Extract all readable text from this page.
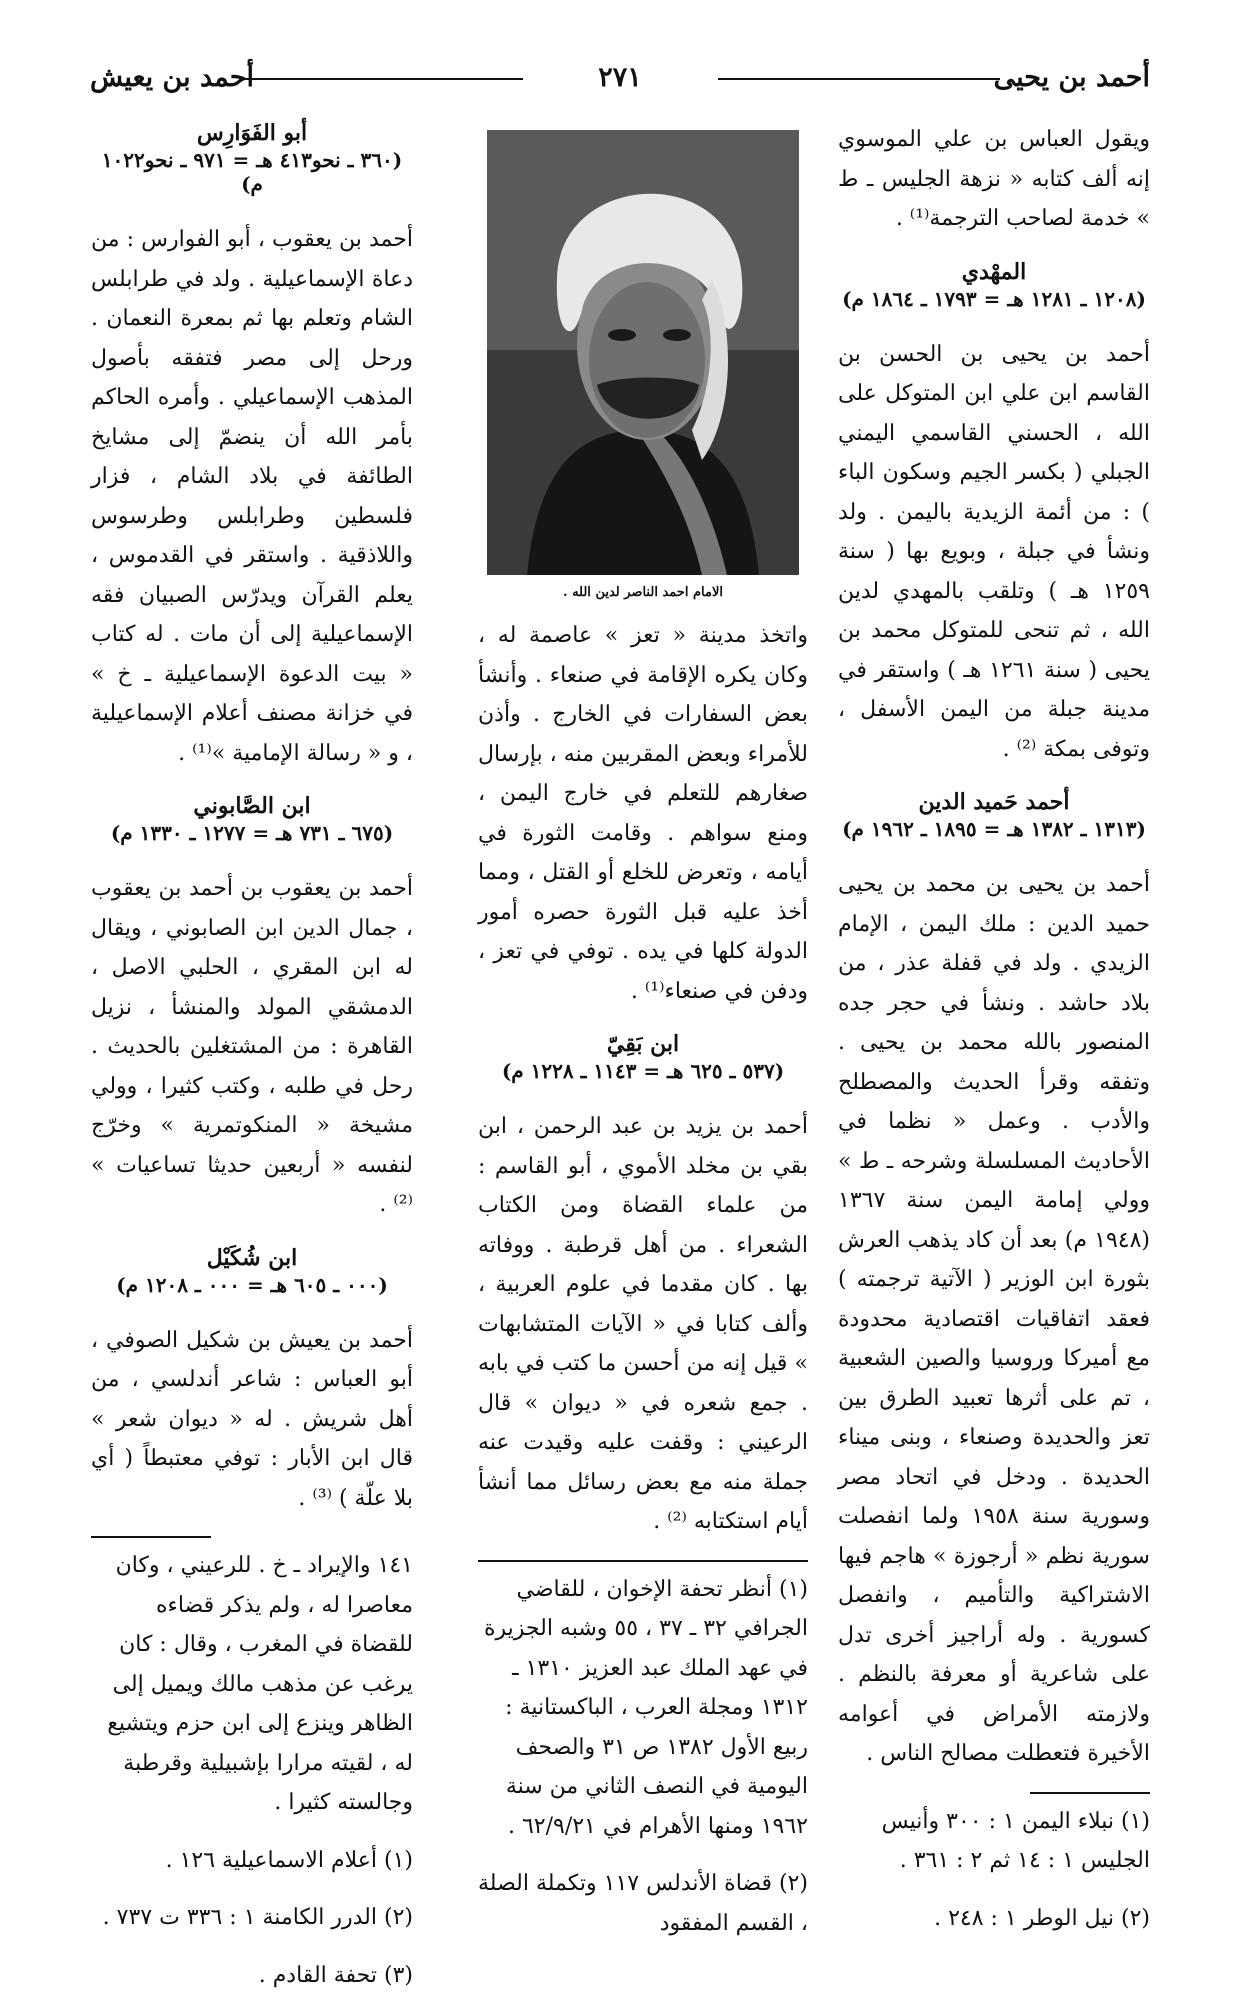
أحمد بن يحيى
٢٧١
أحمد بن يعيش

ويقول العباس بن علي الموسوي إنه ألف كتابه « نزهة الجليس ـ ط » خدمة لصاحب الترجمة⁽¹⁾ .

المهْدي
(١٢٠٨ ـ ١٢٨١ هـ = ١٧٩٣ ـ ١٨٦٤ م)

أحمد بن يحيى بن الحسن بن القاسم ابن علي ابن المتوكل على الله ، الحسني القاسمي اليمني الجبلي ( بكسر الجيم وسكون الباء ) : من أئمة الزيدية باليمن . ولد ونشأ في جبلة ، وبويع بها ( سنة ١٢٥٩ هـ ) وتلقب بالمهدي لدين الله ، ثم تنحى للمتوكل محمد بن يحيى ( سنة ١٢٦١ هـ ) واستقر في مدينة جبلة من اليمن الأسفل ، وتوفى بمكة ⁽²⁾ .

أحمد حَميد الدين
(١٣١٣ ـ ١٣٨٢ هـ = ١٨٩٥ ـ ١٩٦٢ م)

أحمد بن يحيى بن محمد بن يحيى حميد الدين : ملك اليمن ، الإمام الزيدي . ولد في قفلة عذر ، من بلاد حاشد . ونشأ في حجر جده المنصور بالله محمد بن يحيى . وتفقه وقرأ الحديث والمصطلح والأدب . وعمل « نظما في الأحاديث المسلسلة وشرحه ـ ط » وولي إمامة اليمن سنة ١٣٦٧ (١٩٤٨ م) بعد أن كاد يذهب العرش بثورة ابن الوزير ( الآتية ترجمته ) فعقد اتفاقيات اقتصادية محدودة مع أميركا وروسيا والصين الشعبية ، تم على أثرها تعبيد الطرق بين تعز والحديدة وصنعاء ، وبنى ميناء الحديدة . ودخل في اتحاد مصر وسورية سنة ١٩٥٨ ولما انفصلت سورية نظم « أرجوزة » هاجم فيها الاشتراكية والتأميم ، وانفصل كسورية . وله أراجيز أخرى تدل على شاعرية أو معرفة بالنظم . ولازمته الأمراض في أعوامه الأخيرة فتعطلت مصالح الناس .

(١) نبلاء اليمن ١ : ٣٠٠ وأنيس الجليس ١ : ١٤ ثم ٢ : ٣٦١ .

(٢) نيل الوطر ١ : ٢٤٨ .

الامام احمد الناصر لدين الله .

واتخذ مدينة « تعز » عاصمة له ، وكان يكره الإقامة في صنعاء . وأنشأ بعض السفارات في الخارج . وأذن للأمراء وبعض المقربين منه ، بإرسال صغارهم للتعلم في خارج اليمن ، ومنع سواهم . وقامت الثورة في أيامه ، وتعرض للخلع أو القتل ، ومما أخذ عليه قبل الثورة حصره أمور الدولة كلها في يده . توفي في تعز ، ودفن في صنعاء⁽¹⁾ .

ابن بَقِيّ
(٥٣٧ ـ ٦٢٥ هـ = ١١٤٣ ـ ١٢٢٨ م)

أحمد بن يزيد بن عبد الرحمن ، ابن بقي بن مخلد الأموي ، أبو القاسم : من علماء القضاة ومن الكتاب الشعراء . من أهل قرطبة . ووفاته بها . كان مقدما في علوم العربية ، وألف كتابا في « الآيات المتشابهات » قيل إنه من أحسن ما كتب في بابه . جمع شعره في « ديوان » قال الرعيني : وقفت عليه وقيدت عنه جملة منه مع بعض رسائل مما أنشأ أيام استكتابه ⁽²⁾ .

(١) أنظر تحفة الإخوان ، للقاضي الجرافي ٣٢ ـ ٣٧ ، ٥٥ وشبه الجزيرة في عهد الملك عبد العزيز ١٣١٠ ـ ١٣١٢ ومجلة العرب ، الباكستانية : ربيع الأول ١٣٨٢ ص ٣١ والصحف اليومية في النصف الثاني من سنة ١٩٦٢ ومنها الأهرام في ٦٢/٩/٢١ .

(٢) قضاة الأندلس ١١٧ وتكملة الصلة ، القسم المفقود

أبو الفَوَارِس
(٣٦٠ ـ نحو٤١٣ هـ = ٩٧١ ـ نحو١٠٢٢ م)

أحمد بن يعقوب ، أبو الفوارس : من دعاة الإسماعيلية . ولد في طرابلس الشام وتعلم بها ثم بمعرة النعمان . ورحل إلى مصر فتفقه بأصول المذهب الإسماعيلي . وأمره الحاكم بأمر الله أن ينضمّ إلى مشايخ الطائفة في بلاد الشام ، فزار فلسطين وطرابلس وطرسوس واللاذقية . واستقر في القدموس ، يعلم القرآن ويدرّس الصبيان فقه الإسماعيلية إلى أن مات . له كتاب « بيت الدعوة الإسماعيلية ـ خ » في خزانة مصنف أعلام الإسماعيلية ، و « رسالة الإمامية »⁽¹⁾ .

ابن الصَّابوني
(٦٧٥ ـ ٧٣١ هـ = ١٢٧٧ ـ ١٣٣٠ م)

أحمد بن يعقوب بن أحمد بن يعقوب ، جمال الدين ابن الصابوني ، ويقال له ابن المقري ، الحلبي الاصل ، الدمشقي المولد والمنشأ ، نزيل القاهرة : من المشتغلين بالحديث . رحل في طلبه ، وكتب كثيرا ، وولي مشيخة « المنكوتمرية » وخرّج لنفسه « أربعين حديثا تساعيات » ⁽²⁾ .

ابن شُكَيْل
(٠٠٠ ـ ٦٠٥ هـ = ٠٠٠ ـ ١٢٠٨ م)

أحمد بن يعيش بن شكيل الصوفي ، أبو العباس : شاعر أندلسي ، من أهل شريش . له « ديوان شعر » قال ابن الأبار : توفي معتبطاً ( أي بلا علّة ) ⁽³⁾ .

١٤١ والإيراد ـ خ . للرعيني ، وكان معاصرا له ، ولم يذكر قضاءه للقضاة في المغرب ، وقال : كان يرغب عن مذهب مالك ويميل إلى الظاهر وينزع إلى ابن حزم ويتشيع له ، لقيته مرارا بإشبيلية وقرطبة وجالسته كثيرا .

(١) أعلام الاسماعيلية ١٢٦ .

(٢) الدرر الكامنة ١ : ٣٣٦ ت ٧٣٧ .

(٣) تحفة القادم .
